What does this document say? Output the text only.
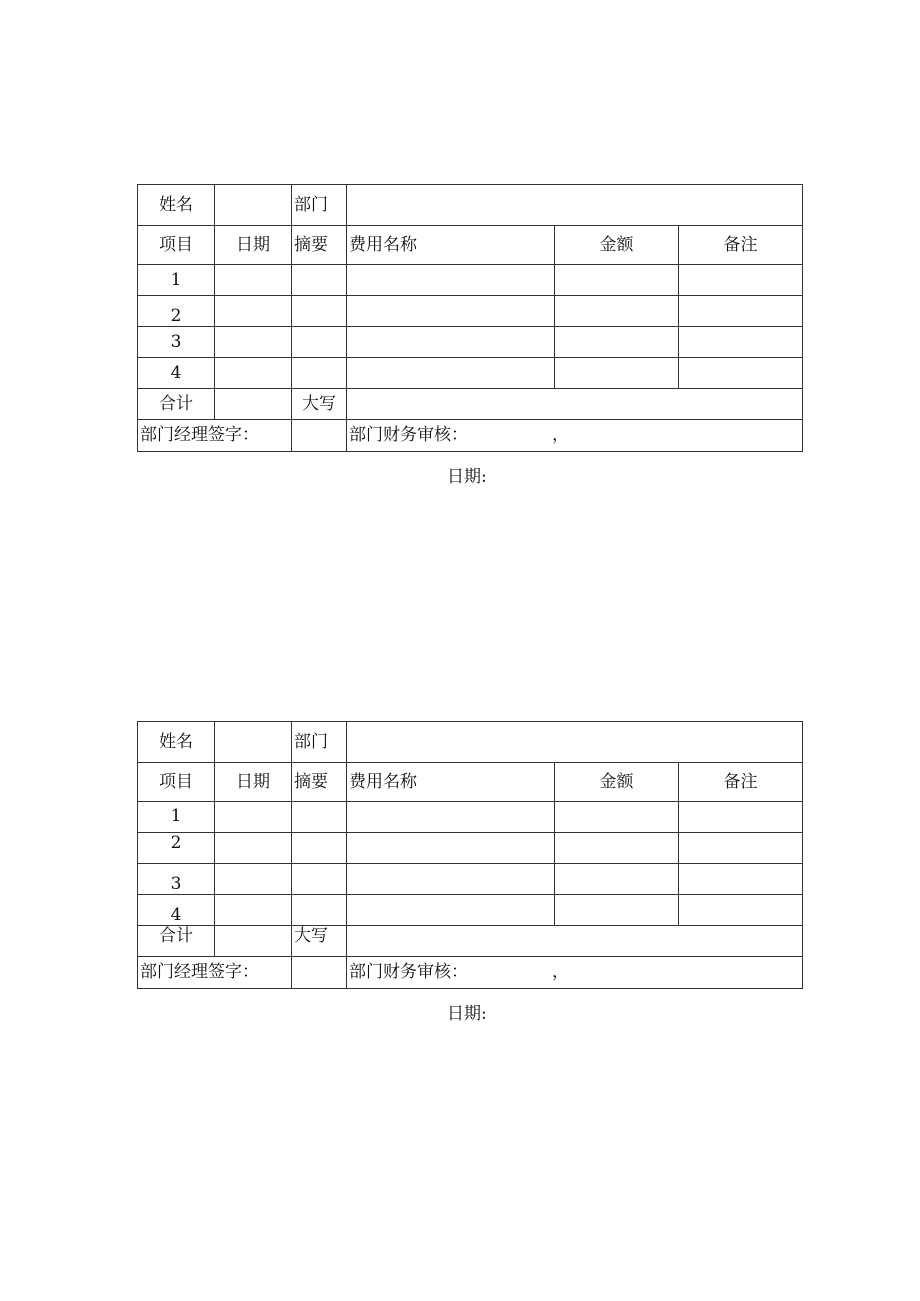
姓名		部门			
项目	日期	摘要	费用名称	金额	备注
1					
2					
3					
4					
合计		大写			
部门经理签字：			部门财务审核： ，		
日期:
姓名		部门			
项目	日期	摘要	费用名称	金额	备注
1					
2					
3					
4					
合计		大写			
部门经理签字：			部门财务审核： ，		
日期:
